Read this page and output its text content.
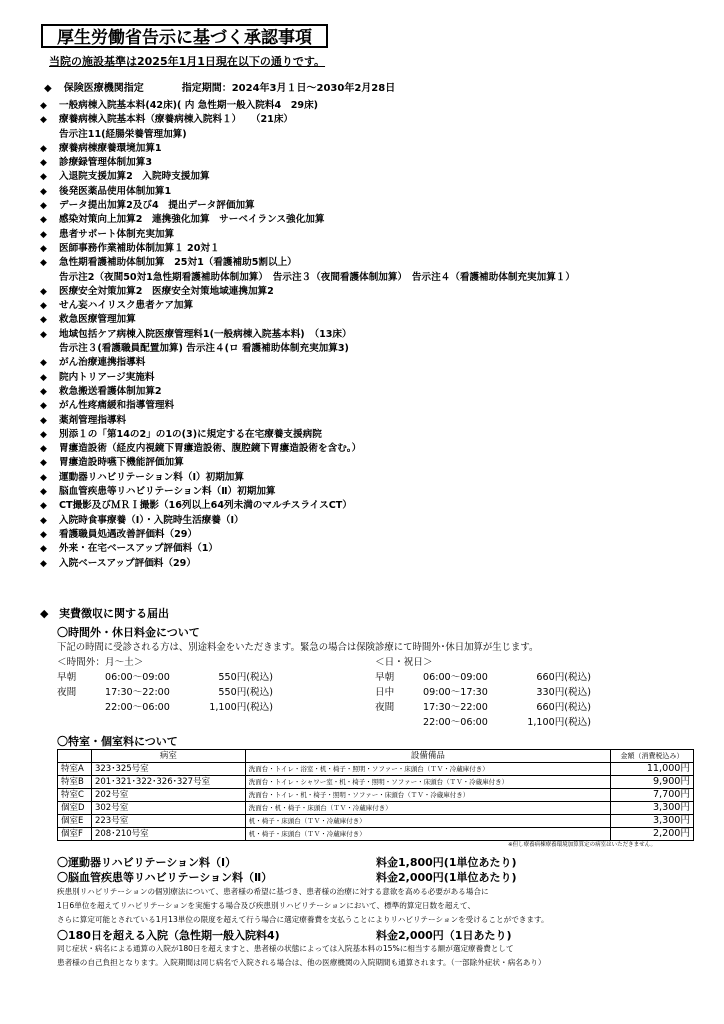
厚生労働省告示に基づく承認事項
当院の施設基準は2025年1月1日現在以下の通りです。
◆ 保険医療機関指定	指定期間：2024年3月１日～2030年2月28日
◆	一般病棟入院基本料(42床)( 内 急性期一般入院料4　29床)
◆	療養病棟入院基本料（療養病棟入院料１）　　（21床）
告示注11(経腸栄養管理加算)
◆	療養病棟療養環境加算1
◆	診療録管理体制加算3
◆	入退院支援加算2　入院時支援加算
◆	後発医薬品使用体制加算1
◆	データ提出加算2及び4　提出データ評価加算
◆	感染対策向上加算2　連携強化加算　サーベイランス強化加算
◆	患者サポート体制充実加算
◆	医師事務作業補助体制加算１ 20対１
◆	急性期看護補助体制加算　25対1（看護補助5割以上）
告示注2（夜間50対1急性期看護補助体制加算）　告示注３（夜間看護体制加算）　告示注４（看護補助体制充実加算１）
◆	医療安全対策加算2　医療安全対策地域連携加算2
◆	せん妄ハイリスク患者ケア加算
◆	救急医療管理加算
◆	地域包括ケア病棟入院医療管理料1(一般病棟入院基本料)　（13床）
告示注３(看護職員配置加算) 告示注４(ロ 看護補助体制充実加算3)
◆	がん治療連携指導料
◆	院内トリアージ実施料
◆	救急搬送看護体制加算2
◆	がん性疼痛緩和指導管理料
◆	薬剤管理指導料
◆	別添１の「第14の2」の1の(3)に規定する在宅療養支援病院
◆	胃瘻造設術（経皮内視鏡下胃瘻造設術、腹腔鏡下胃瘻造設術を含む。）
◆	胃瘻造設時嚥下機能評価加算
◆	運動器リハビリテーション料（Ⅰ）初期加算
◆	脳血管疾患等リハビリテーション料（Ⅱ）初期加算
◆	CT撮影及びＭＲＩ撮影（16列以上64列未満のマルチスライスCT）
◆	入院時食事療養（Ⅰ）・入院時生活療養（Ⅰ）
◆	看護職員処遇改善評価料（29）
◆	外来・在宅ベースアップ評価料（1）
◆	入院ベースアップ評価料（29）
◆ 実費徴収に関する届出
〇時間外・休日料金について
下記の時間に受診される方は、別途料金をいただきます。緊急の場合は保険診療にて時間外･休日加算が生じます。
＜時間外：月～土＞
早朝	06:00～09:00	550円(税込)
夜間	17:30～22:00	550円(税込)
22:00～06:00	1,100円(税込)
＜日・祝日＞
早朝	06:00～09:00	660円(税込)
日中	09:00～17:30	330円(税込)
夜間	17:30～22:00	660円(税込)
22:00～06:00	1,100円(税込)
〇特室・個室料について
	病室	設備備品	金額（消費税込み）
特室A	323･325号室	洗面台・トイレ・浴室・机・椅子・照明・ソファー・床頭台（ＴＶ・冷蔵庫付き）	11,000円
特室B	201･321･322･326･327号室	洗面台・トイレ・シャワー室・机・椅子・照明・ソファー・床頭台（ＴＶ・冷蔵庫付き）	9,900円
特室C	202号室	洗面台・トイレ・机・椅子・照明・ソファー・床頭台（ＴＶ・冷蔵庫付き）	7,700円
個室D	302号室	洗面台・机・椅子・床頭台（ＴＶ・冷蔵庫付き）	3,300円
個室E	223号室	机・椅子・床頭台（ＴＶ・冷蔵庫付き）	3,300円
個室F	208･210号室	机・椅子・床頭台（ＴＶ・冷蔵庫付き）	2,200円
※但し療養病棟療養環境加算算定の病室はいただきません。
〇運動器リハビリテーション料（Ⅰ）	料金1,800円(1単位あたり)
〇脳血管疾患等リハビリテーション料（Ⅱ）	料金2,000円(1単位あたり)
疾患別リハビリテーションの個別療法について、患者様の希望に基づき、患者様の治療に対する意欲を高める必要がある場合に
1日6単位を超えてリハビリテーションを実施する場合及び疾患別リハビリテーションにおいて、標準的算定日数を超えて、
さらに算定可能とされている1月13単位の限度を超えて行う場合に選定療養費を支払うことによりリハビリテーションを受けることができます。
〇180日を超える入院（急性期一般入院料4)	料金2,000円（1日あたり)
同じ症状・病名による通算の入院が180日を超えますと、患者様の状態によっては入院基本料の15%に相当する額が選定療養費として
患者様の自己負担となります。入院期間は同じ病名で入院される場合は、他の医療機関の入院期間も通算されます。（一部除外症状・病名あり）
